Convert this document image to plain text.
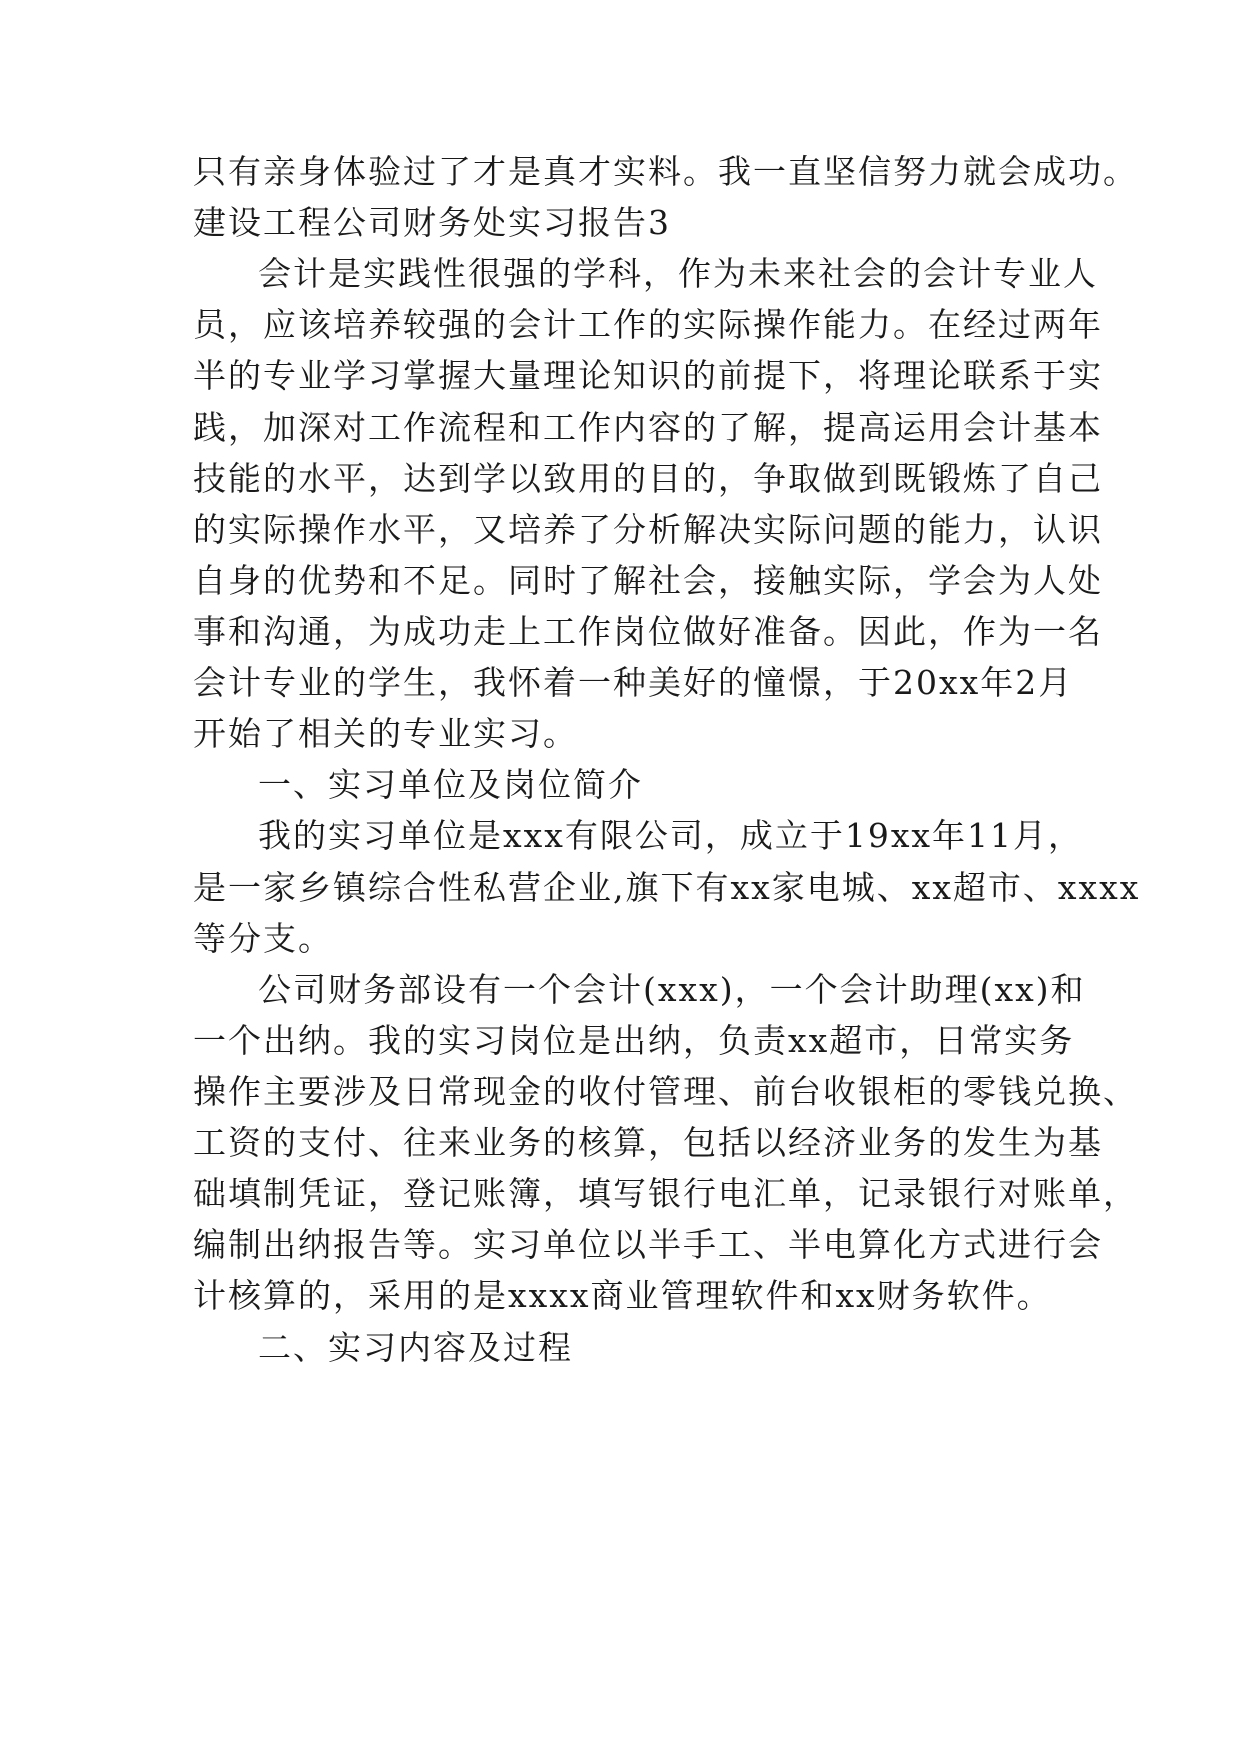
只有亲身体验过了才是真才实料。我一直坚信努力就会成功。
建设工程公司财务处实习报告3
会计是实践性很强的学科，作为未来社会的会计专业人
员，应该培养较强的会计工作的实际操作能力。在经过两年
半的专业学习掌握大量理论知识的前提下，将理论联系于实
践，加深对工作流程和工作内容的了解，提高运用会计基本
技能的水平，达到学以致用的目的，争取做到既锻炼了自己
的实际操作水平，又培养了分析解决实际问题的能力，认识
自身的优势和不足。同时了解社会，接触实际，学会为人处
事和沟通，为成功走上工作岗位做好准备。因此，作为一名
会计专业的学生，我怀着一种美好的憧憬，于20xx年2月
开始了相关的专业实习。
一、实习单位及岗位简介
我的实习单位是xxx有限公司，成立于19xx年11月，
是一家乡镇综合性私营企业,旗下有xx家电城、xx超市、xxxx
等分支。
公司财务部设有一个会计(xxx)，一个会计助理(xx)和
一个出纳。我的实习岗位是出纳，负责xx超市，日常实务
操作主要涉及日常现金的收付管理、前台收银柜的零钱兑换、
工资的支付、往来业务的核算，包括以经济业务的发生为基
础填制凭证，登记账簿，填写银行电汇单，记录银行对账单，
编制出纳报告等。实习单位以半手工、半电算化方式进行会
计核算的，采用的是xxxx商业管理软件和xx财务软件。
二、实习内容及过程
